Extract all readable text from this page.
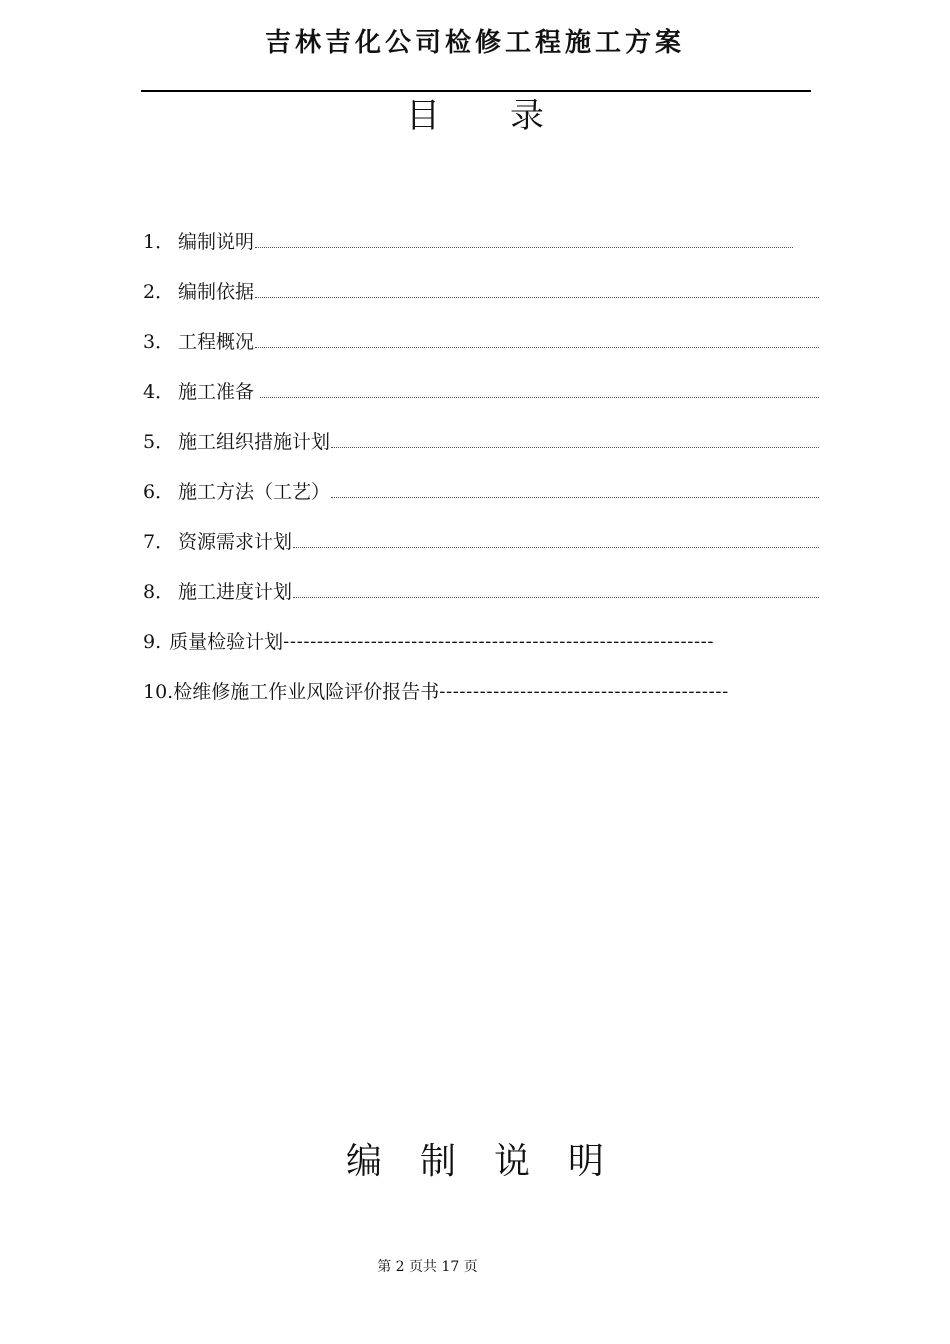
吉林吉化公司检修工程施工方案
目录
1． 编制说明
2． 编制依据
3． 工程概况
4． 施工准备
5． 施工组织措施计划
6． 施工方法（工艺）
7． 资源需求计划
8． 施工进度计划
9. 质量检验计划 ----------------------------------------------------------------
10. 检维修施工作业风险评价报告书 -------------------------------------------
编制说明
第 2 页共 17 页
